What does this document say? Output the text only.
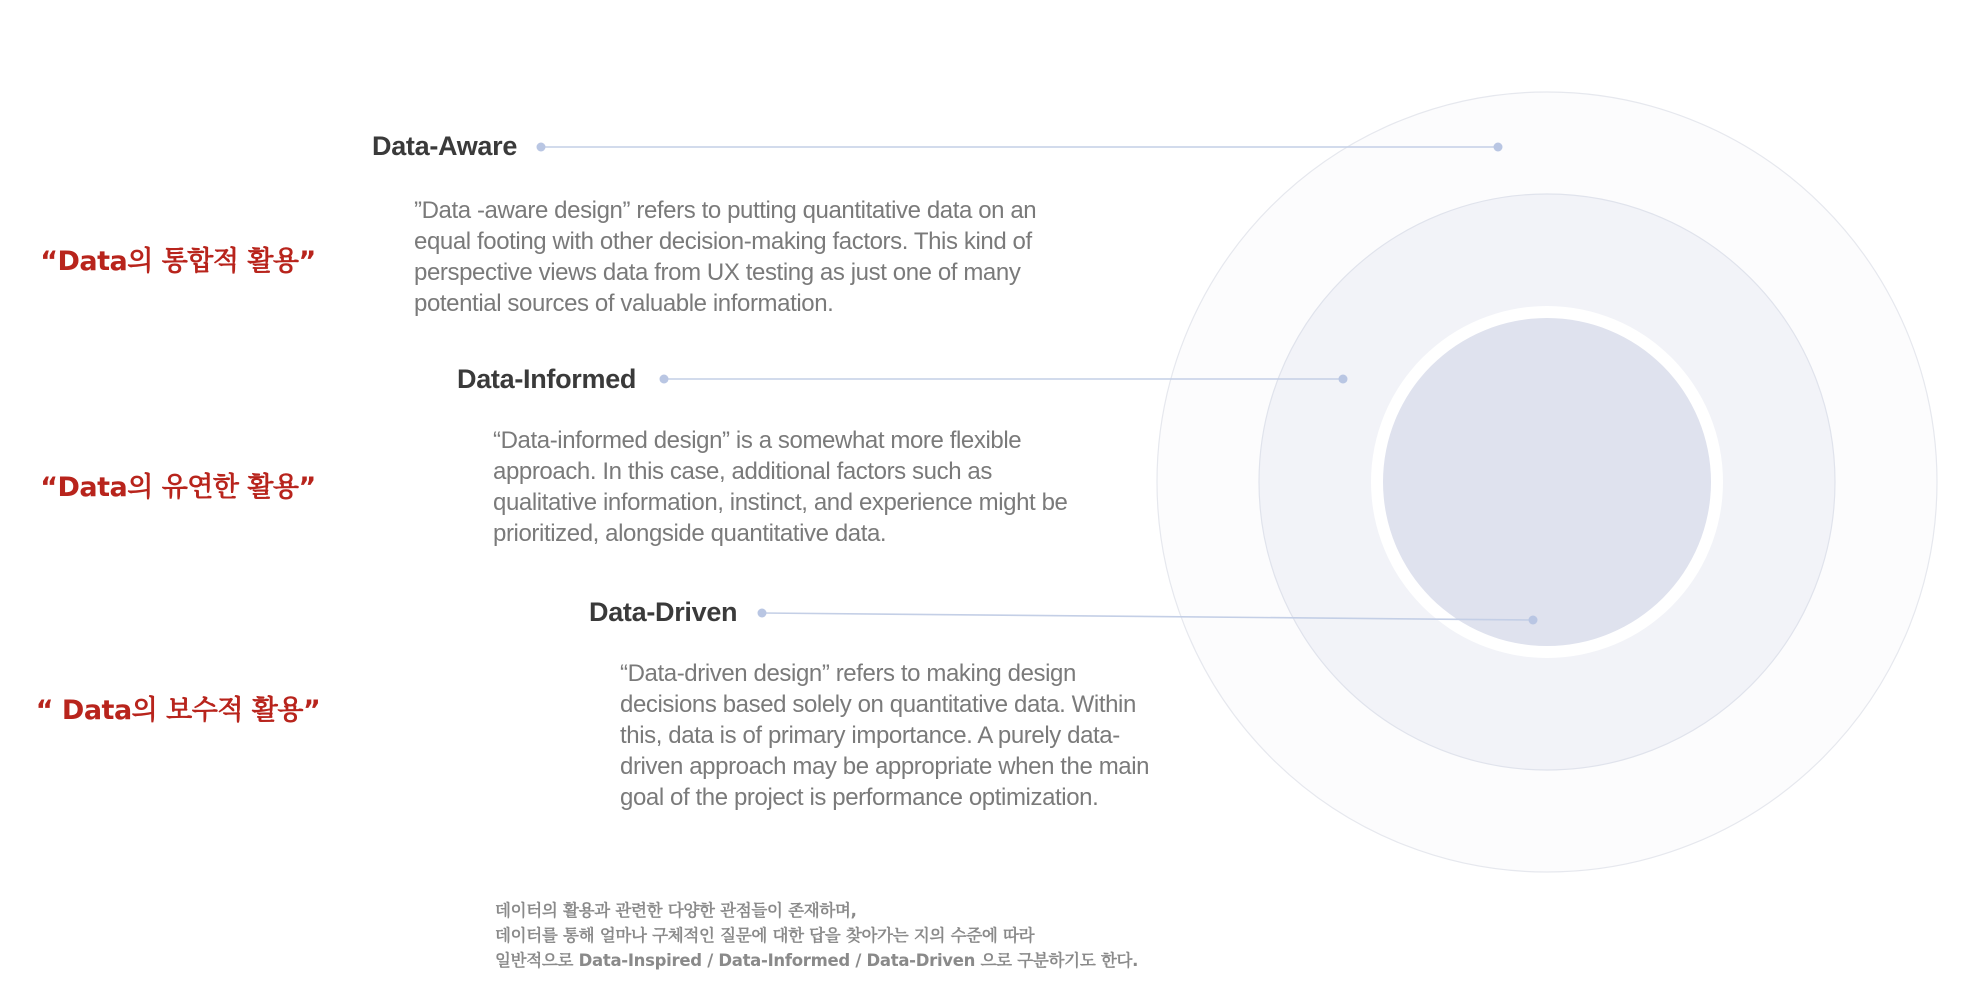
“Data의 통합적 활용”
“Data의 유연한 활용”
“ Data의 보수적 활용”
Data-Aware
”Data -aware design” refers to putting quantitative data on an
equal footing with other decision-making factors. This kind of
perspective views data from UX testing as just one of many
potential sources of valuable information.
Data-Informed
“Data-informed design” is a somewhat more flexible
approach. In this case, additional factors such as
qualitative information, instinct, and experience might be
prioritized, alongside quantitative data.
Data-Driven
“Data-driven design” refers to making design
decisions based solely on quantitative data. Within
this, data is of primary importance. A purely data-
driven approach may be appropriate when the main
goal of the project is performance optimization.
데이터의 활용과 관련한 다양한 관점들이 존재하며,
데이터를 통해 얼마나 구체적인 질문에 대한 답을 찾아가는 지의 수준에 따라
일반적으로 Data-Inspired / Data-Informed / Data-Driven 으로 구분하기도 한다.
